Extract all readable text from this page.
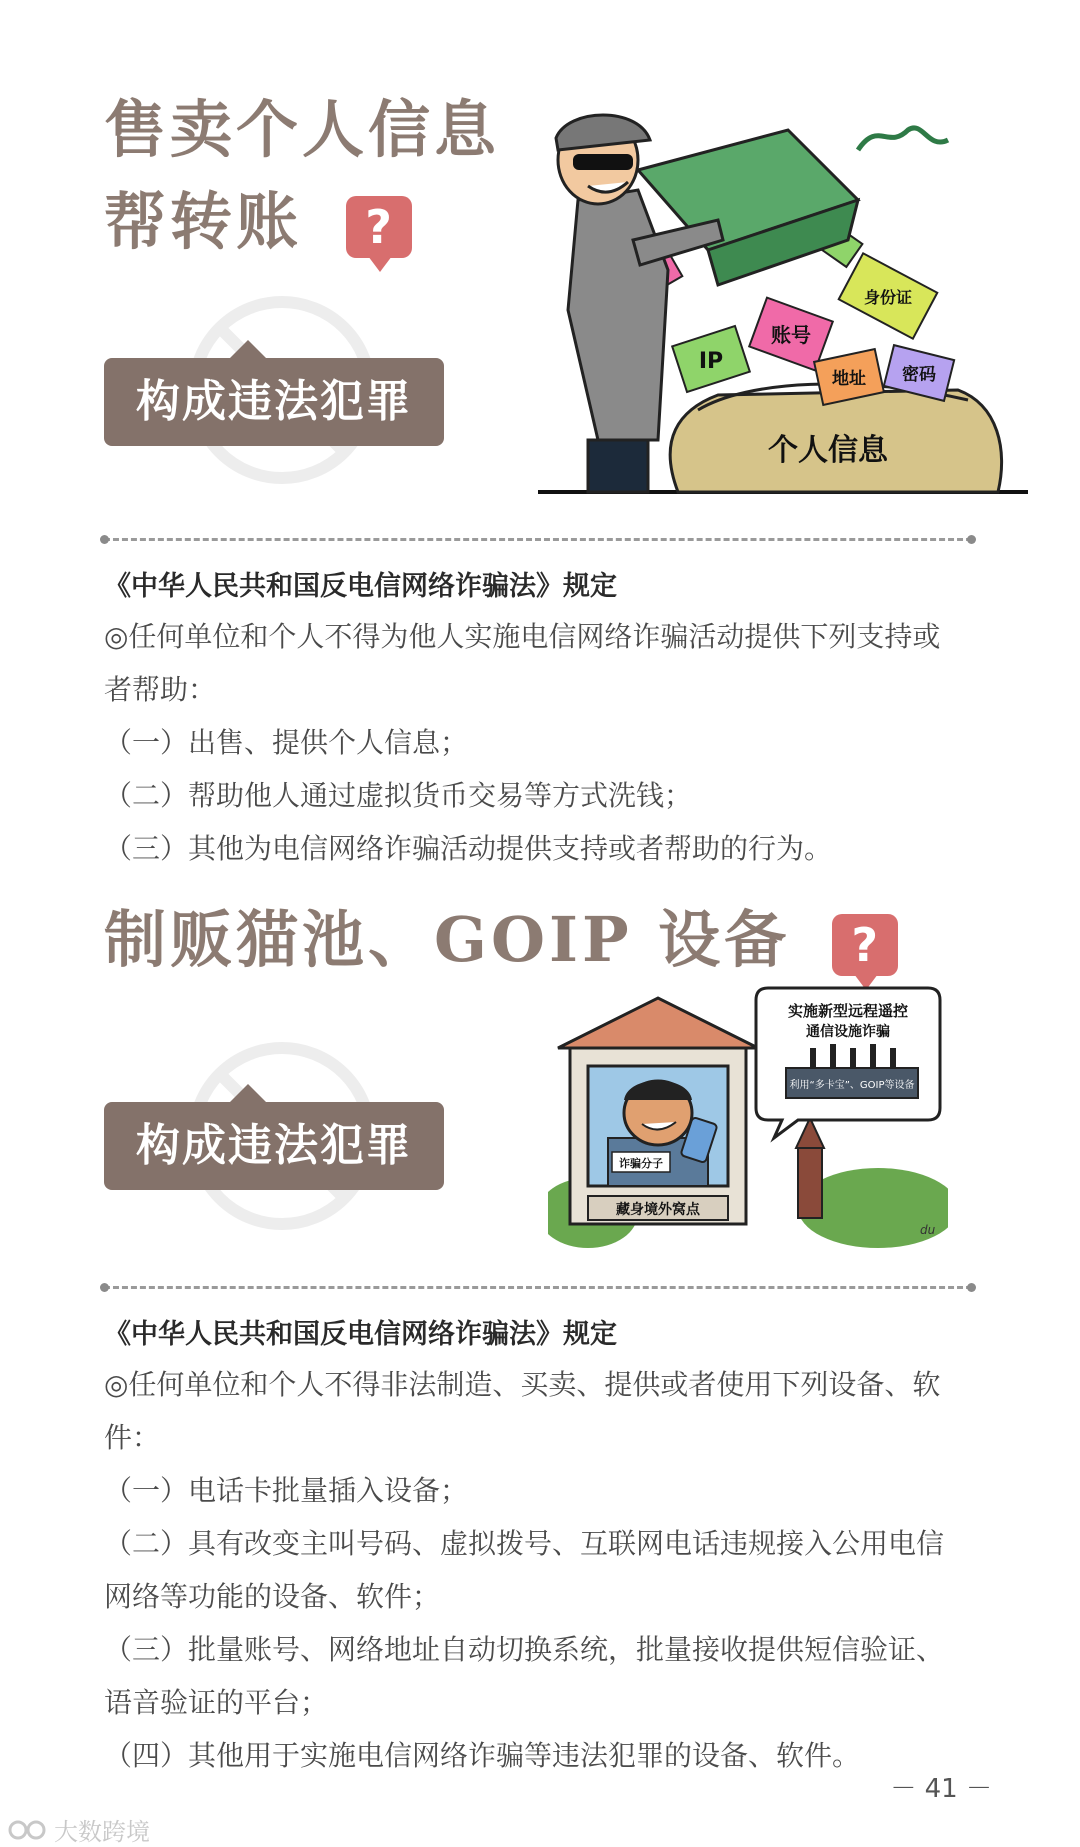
售卖个人信息
帮转账 ?
构成违法犯罪
个人信息
IP
账号
身份证
地址 密码
《中华人民共和国反电信网络诈骗法》规定

◎任何单位和个人不得为他人实施电信网络诈骗活动提供下列支持或

者帮助：

（一）出售、提供个人信息；

（二）帮助他人通过虚拟货币交易等方式洗钱；

（三）其他为电信网络诈骗活动提供支持或者帮助的行为。

制贩猫池、GOIP 设备 ?
构成违法犯罪	诈骗分子
藏身境外窝点
实施新型远程遥控
通信设施诈骗
利用“多卡宝”、GOIP等设备
du
《中华人民共和国反电信网络诈骗法》规定

◎任何单位和个人不得非法制造、买卖、提供或者使用下列设备、软件：

（一）电话卡批量插入设备；

（二）具有改变主叫号码、虚拟拨号、互联网电话违规接入公用电信

网络等功能的设备、软件；

（三）批量账号、网络地址自动切换系统，批量接收提供短信验证、

语音验证的平台；

（四）其他用于实施电信网络诈骗等违法犯罪的设备、软件。

－ 41 －
大数跨境
